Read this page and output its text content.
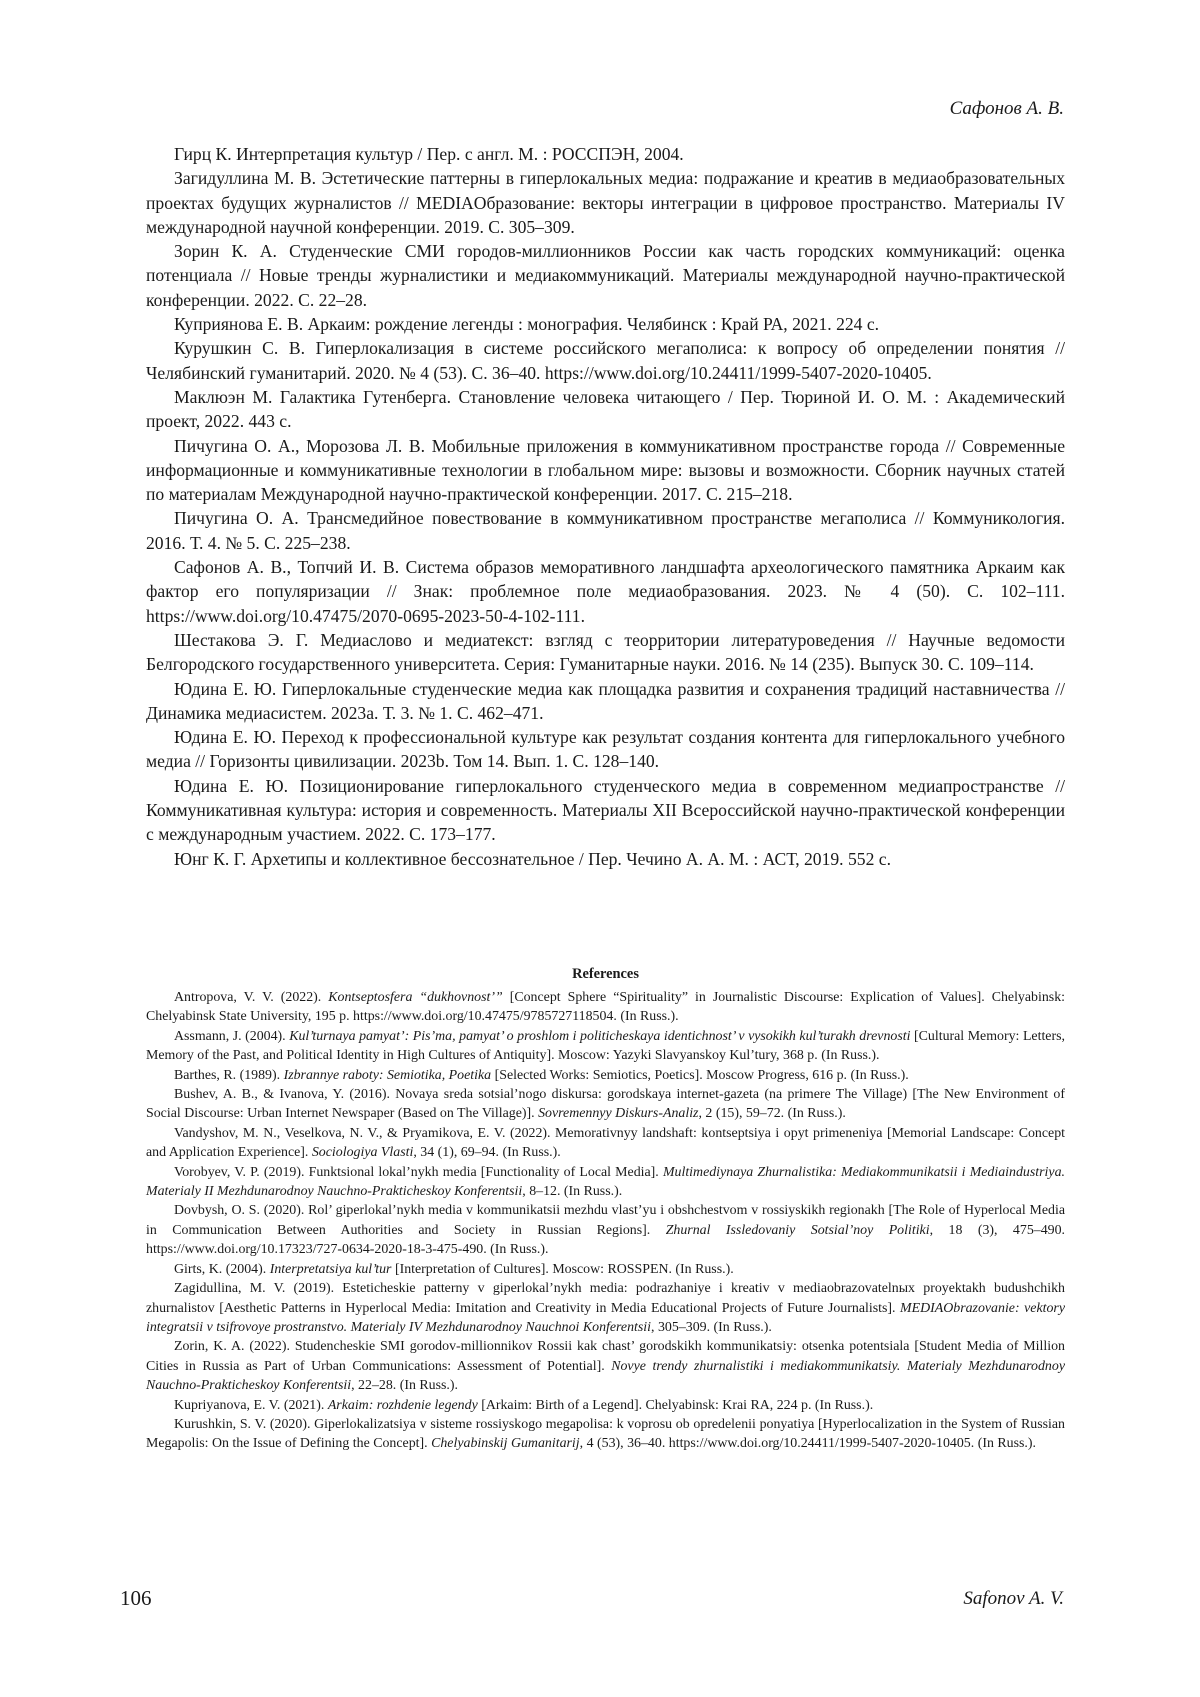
Сафонов А. В.

Гирц К. Интерпретация культур / Пер. с англ. М. : РОССПЭН, 2004.

Загидуллина М. В. Эстетические паттерны в гиперлокальных медиа: подражание и креатив в медиаобразовательных проектах будущих журналистов // MEDIAОбразование: векторы интеграции в цифровое пространство. Материалы IV международной научной конференции. 2019. С. 305–309.

Зорин К. А. Студенческие СМИ городов-миллионников России как часть городских коммуникаций: оценка потенциала // Новые тренды журналистики и медиакоммуникаций. Материалы международной научно-практической конференции. 2022. С. 22–28.

Куприянова Е. В. Аркаим: рождение легенды : монография. Челябинск : Край РА, 2021. 224 с.

Курушкин С. В. Гиперлокализация в системе российского мегаполиса: к вопросу об определении понятия // Челябинский гуманитарий. 2020. № 4 (53). С. 36–40. https://www.doi.org/10.24411/1999-5407-2020-10405.

Маклюэн М. Галактика Гутенберга. Становление человека читающего / Пер. Тюриной И. О. М. : Академический проект, 2022. 443 с.

Пичугина О. А., Морозова Л. В. Мобильные приложения в коммуникативном пространстве города // Современные информационные и коммуникативные технологии в глобальном мире: вызовы и возможности. Сборник научных статей по материалам Международной научно-практической конференции. 2017. С. 215–218.

Пичугина О. А. Трансмедийное повествование в коммуникативном пространстве мегаполиса // Коммуникология. 2016. Т. 4. № 5. С. 225–238.

Сафонов А. В., Топчий И. В. Система образов меморативного ландшафта археологического памятника Аркаим как фактор его популяризации // Знак: проблемное поле медиаобразования. 2023. № 4 (50). С. 102–111. https://www.doi.org/10.47475/2070-0695-2023-50-4-102-111.

Шестакова Э. Г. Медиаслово и медиатекст: взгляд с теорритории литературоведения // Научные ведомости Белгородского государственного университета. Серия: Гуманитарные науки. 2016. № 14 (235). Выпуск 30. С. 109–114.

Юдина Е. Ю. Гиперлокальные студенческие медиа как площадка развития и сохранения традиций наставничества // Динамика медиасистем. 2023а. Т. 3. № 1. С. 462–471.

Юдина Е. Ю. Переход к профессиональной культуре как результат создания контента для гиперлокального учебного медиа // Горизонты цивилизации. 2023b. Том 14. Вып. 1. С. 128–140.

Юдина Е. Ю. Позиционирование гиперлокального студенческого медиа в современном медиапространстве // Коммуникативная культура: история и современность. Материалы XII Всероссийской научно-практической конференции с международным участием. 2022. С. 173–177.

Юнг К. Г. Архетипы и коллективное бессознательное / Пер. Чечино А. А. М. : АСТ, 2019. 552 с.

References

Antropova, V. V. (2022). Kontseptosfera “dukhovnost’” [Concept Sphere “Spirituality” in Journalistic Discourse: Explication of Values]. Chelyabinsk: Chelyabinsk State University, 195 p. https://www.doi.org/10.47475/9785727118504. (In Russ.).

Assmann, J. (2004). Kul’turnaya pamyat’: Pis’ma, pamyat’ o proshlom i politicheskaya identichnost’ v vysokikh kul’turakh drevnosti [Cultural Memory: Letters, Memory of the Past, and Political Identity in High Cultures of Antiquity]. Moscow: Yazyki Slavyanskoy Kul’tury, 368 p. (In Russ.).

Barthes, R. (1989). Izbrannye raboty: Semiotika, Poetika [Selected Works: Semiotics, Poetics]. Moscow Progress, 616 p. (In Russ.).

Bushev, A. B., & Ivanova, Y. (2016). Novaya sreda sotsial’nogo diskursa: gorodskaya internet-gazeta (na primere The Village) [The New Environment of Social Discourse: Urban Internet Newspaper (Based on The Village)]. Sovremennyy Diskurs-Analiz, 2 (15), 59–72. (In Russ.).

Vandyshov, M. N., Veselkova, N. V., & Pryamikova, E. V. (2022). Memorativnyy landshaft: kontseptsiya i opyt primeneniya [Memorial Landscape: Concept and Application Experience]. Sociologiya Vlasti, 34 (1), 69–94. (In Russ.).

Vorobyev, V. P. (2019). Funktsional lokal’nykh media [Functionality of Local Media]. Multimediynaya Zhurnalistika: Mediakommunikatsii i Mediaindustriya. Materialy II Mezhdunarodnoy Nauchno-Prakticheskoy Konferentsii, 8–12. (In Russ.).

Dovbysh, O. S. (2020). Rol’ giperlokal’nykh media v kommunikatsii mezhdu vlast’yu i obshchestvom v rossiyskikh regionakh [The Role of Hyperlocal Media in Communication Between Authorities and Society in Russian Regions]. Zhurnal Issledovaniy Sotsial’noy Politiki, 18 (3), 475–490. https://www.doi.org/10.17323/727-0634-2020-18-3-475-490. (In Russ.).

Girts, K. (2004). Interpretatsiya kul’tur [Interpretation of Cultures]. Moscow: ROSSPEN. (In Russ.).

Zagidullina, M. V. (2019). Esteticheskie patterny v giperlokal’nykh media: podrazhaniye i kreativ v mediaobrazovatelnыx proyektakh budushchikh zhurnalistov [Aesthetic Patterns in Hyperlocal Media: Imitation and Creativity in Media Educational Projects of Future Journalists]. MEDIAObrazovanie: vektory integratsii v tsifrovoye prostranstvo. Materialy IV Mezhdunarodnoy Nauchnoi Konferentsii, 305–309. (In Russ.).

Zorin, K. A. (2022). Studencheskie SMI gorodov-millionnikov Rossii kak chast’ gorodskikh kommunikatsiy: otsenka potentsiala [Student Media of Million Cities in Russia as Part of Urban Communications: Assessment of Potential]. Novye trendy zhurnalistiki i mediakommunikatsiy. Materialy Mezhdunarodnoy Nauchno-Prakticheskoy Konferentsii, 22–28. (In Russ.).

Kupriyanova, E. V. (2021). Arkaim: rozhdenie legendy [Arkaim: Birth of a Legend]. Chelyabinsk: Krai RA, 224 p. (In Russ.).

Kurushkin, S. V. (2020). Giperlokalizatsiya v sisteme rossiyskogo megapolisa: k voprosu ob opredelenii ponyatiya [Hyperlocalization in the System of Russian Megapolis: On the Issue of Defining the Concept]. Chelyabinskij Gumanitarij, 4 (53), 36–40. https://www.doi.org/10.24411/1999-5407-2020-10405. (In Russ.).

106	Safonov A. V.
